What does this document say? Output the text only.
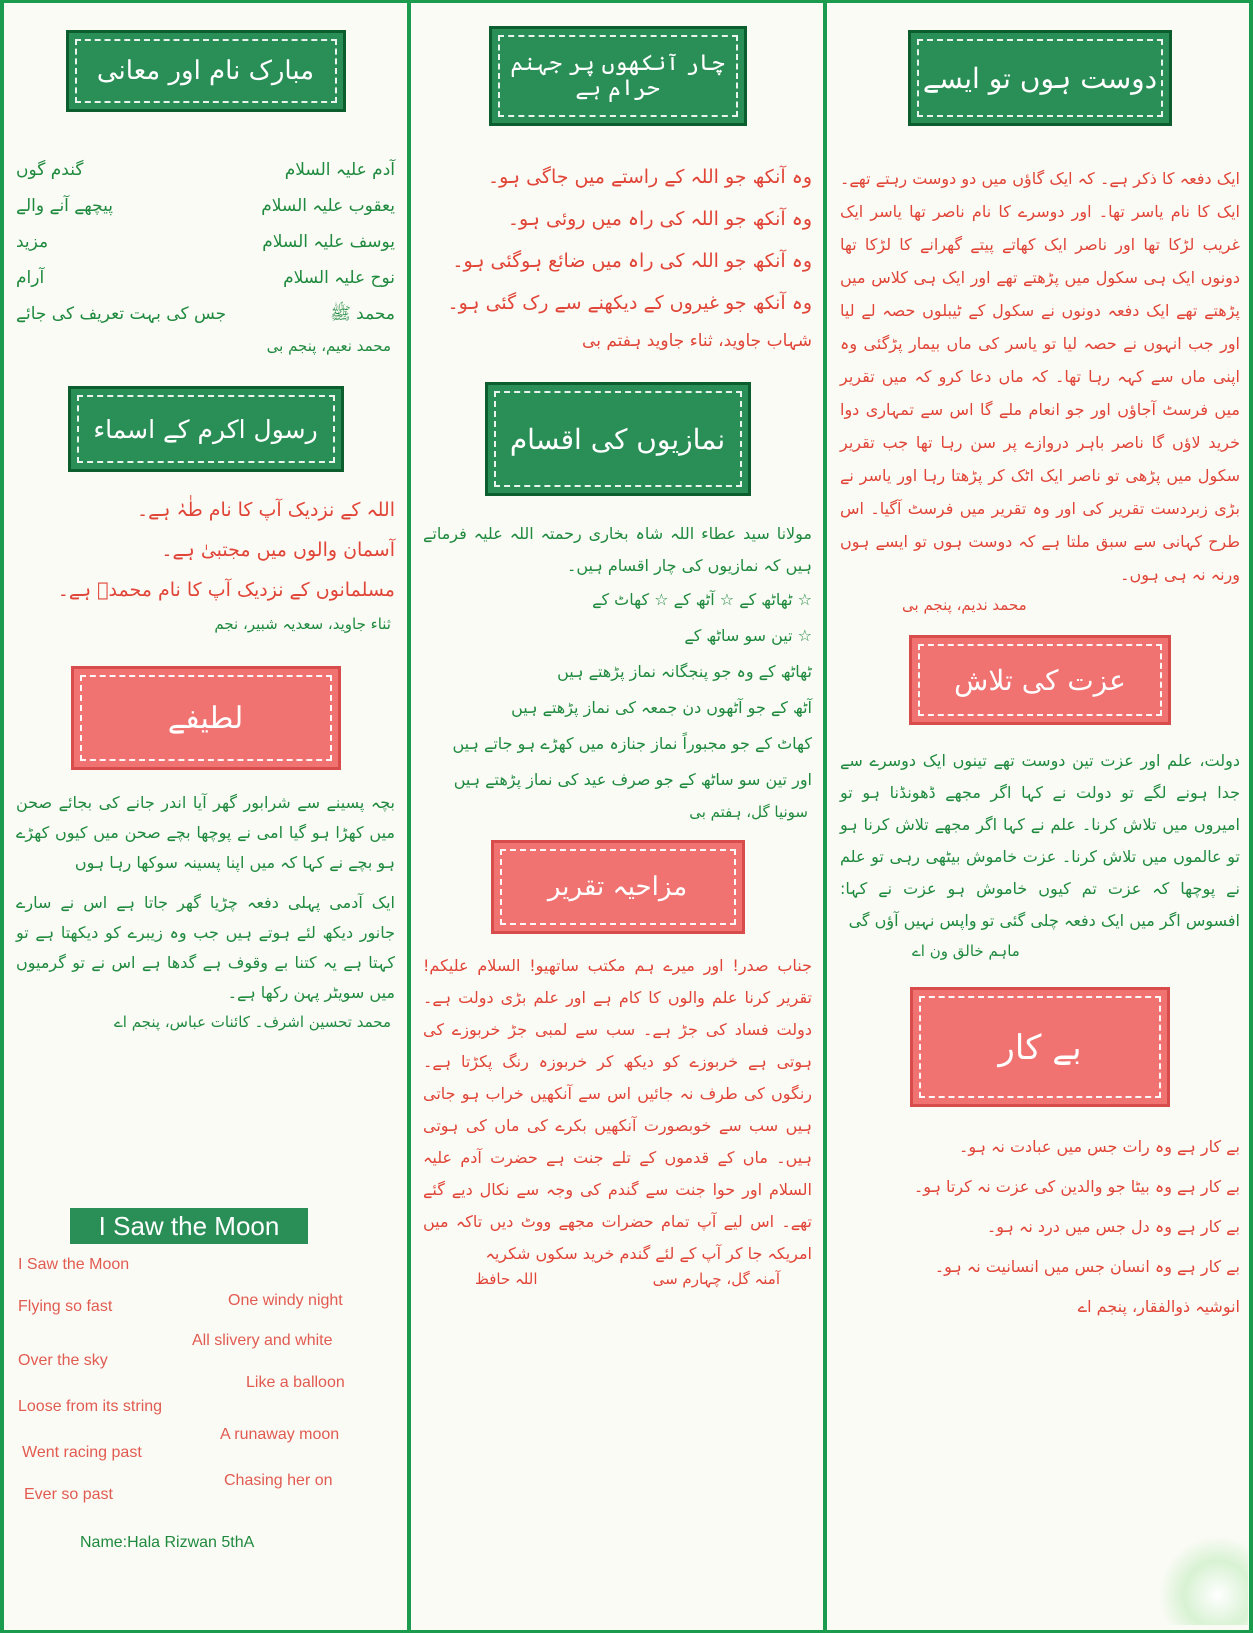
مبارک نام اور معانی
آدم علیہ السلام
گندم گوں
یعقوب علیہ السلام
پیچھے آنے والے
یوسف علیہ السلام
مزید
نوح علیہ السلام
آرام
محمد ﷺ
جس کی بہت تعریف کی جائے
محمد نعیم، پنجم بی
رسول اکرم کے اسماء
اللہ کے نزدیک آپ کا نام طٰہٰ ہے۔
آسمان والوں میں مجتبیٰ ہے۔
مسلمانوں کے نزدیک آپ کا نام محمدؐ ہے۔
ثناء جاوید، سعدیہ شبیر، نجم
لطیفے
بچہ پسینے سے شرابور گھر آیا اندر جانے کی بجائے صحن میں کھڑا ہو گیا امی نے پوچھا بچے صحن میں کیوں کھڑے ہو بچے نے کہا کہ میں اپنا پسینہ سوکھا رہا ہوں
ایک آدمی پہلی دفعہ چڑیا گھر جاتا ہے اس نے سارے جانور دیکھ لئے ہوتے ہیں جب وہ زیبرے کو دیکھتا ہے تو کہتا ہے یہ کتنا بے وقوف ہے گدھا ہے اس نے تو گرمیوں میں سویٹر پہن رکھا ہے۔
محمد تحسین اشرف۔ کائنات عباس، پنجم اے
I Saw the Moon
I Saw the Moon
One windy night
Flying so fast
All slivery and white
Over the sky
Like a balloon
Loose from its string
A runaway moon
Went racing past
Chasing her on
Ever so past
Name:Hala Rizwan 5thA
چار آنکھوں پر جہنم حرام ہے
وہ آنکھ جو اللہ کے راستے میں جاگی ہو۔
وہ آنکھ جو اللہ کی راہ میں روئی ہو۔
وہ آنکھ جو اللہ کی راہ میں ضائع ہوگئی ہو۔
وہ آنکھ جو غیروں کے دیکھنے سے رک گئی ہو۔
شہاب جاوید، ثناء جاوید ہفتم بی
نمازیوں کی اقسام
مولانا سید عطاء اللہ شاہ بخاری رحمتہ اللہ علیہ فرماتے ہیں کہ نمازیوں کی چار اقسام ہیں۔
☆ ٹھاٹھ کے ☆ آٹھ کے ☆ کھاٹ کے
☆ تین سو ساٹھ کے
ٹھاٹھ کے وہ جو پنجگانہ نماز پڑھتے ہیں
آٹھ کے جو آٹھوں دن جمعہ کی نماز پڑھتے ہیں
کھاٹ کے جو مجبوراً نماز جنازہ میں کھڑے ہو جاتے ہیں
اور تین سو ساٹھ کے جو صرف عید کی نماز پڑھتے ہیں
سونیا گل، ہفتم بی
مزاحیہ تقریر
جناب صدر! اور میرے ہم مکتب ساتھیو! السلام علیکم! تقریر کرنا علم والوں کا کام ہے اور علم بڑی دولت ہے۔ دولت فساد کی جڑ ہے۔ سب سے لمبی جڑ خربوزے کی ہوتی ہے خربوزے کو دیکھ کر خربوزہ رنگ پکڑتا ہے۔ رنگوں کی طرف نہ جائیں اس سے آنکھیں خراب ہو جاتی ہیں سب سے خوبصورت آنکھیں بکرے کی ماں کی ہوتی ہیں۔ ماں کے قدموں کے تلے جنت ہے حضرت آدم علیہ السلام اور حوا جنت سے گندم کی وجہ سے نکال دیے گئے تھے۔ اس لیے آپ تمام حضرات مجھے ووٹ دیں تاکہ میں امریکہ جا کر آپ کے لئے گندم خرید سکوں شکریہ
آمنہ گل، چہارم سی
اللہ حافظ
دوست ہوں تو ایسے
ایک دفعہ کا ذکر ہے۔ کہ ایک گاؤں میں دو دوست رہتے تھے۔ ایک کا نام یاسر تھا۔ اور دوسرے کا نام ناصر تھا یاسر ایک غریب لڑکا تھا اور ناصر ایک کھاتے پیتے گھرانے کا لڑکا تھا دونوں ایک ہی سکول میں پڑھتے تھے اور ایک ہی کلاس میں پڑھتے تھے ایک دفعہ دونوں نے سکول کے ٹیبلوں حصہ لے لیا اور جب انہوں نے حصہ لیا تو یاسر کی ماں بیمار پڑگئی وہ اپنی ماں سے کہہ رہا تھا۔ کہ ماں دعا کرو کہ میں تقریر میں فرسٹ آجاؤں اور جو انعام ملے گا اس سے تمہاری دوا خرید لاؤں گا ناصر باہر دروازے پر سن رہا تھا جب تقریر سکول میں پڑھی تو ناصر ایک اٹک کر پڑھتا رہا اور یاسر نے بڑی زبردست تقریر کی اور وہ تقریر میں فرسٹ آگیا۔ اس طرح کہانی سے سبق ملتا ہے کہ دوست ہوں تو ایسے ہوں ورنہ نہ ہی ہوں۔
محمد ندیم، پنجم بی
عزت کی تلاش
دولت، علم اور عزت تین دوست تھے تینوں ایک دوسرے سے جدا ہونے لگے تو دولت نے کہا اگر مجھے ڈھونڈنا ہو تو امیروں میں تلاش کرنا۔ علم نے کہا اگر مجھے تلاش کرنا ہو تو عالموں میں تلاش کرنا۔ عزت خاموش بیٹھی رہی تو علم نے پوچھا کہ عزت تم کیوں خاموش ہو عزت نے کہا: افسوس اگر میں ایک دفعہ چلی گئی تو واپس نہیں آؤں گی
ماہم خالق ون اے
بے کار
بے کار ہے وہ رات جس میں عبادت نہ ہو۔
بے کار ہے وہ بیٹا جو والدین کی عزت نہ کرتا ہو۔
بے کار ہے وہ دل جس میں درد نہ ہو۔
بے کار ہے وہ انسان جس میں انسانیت نہ ہو۔
انوشیہ ذوالفقار، پنجم اے
